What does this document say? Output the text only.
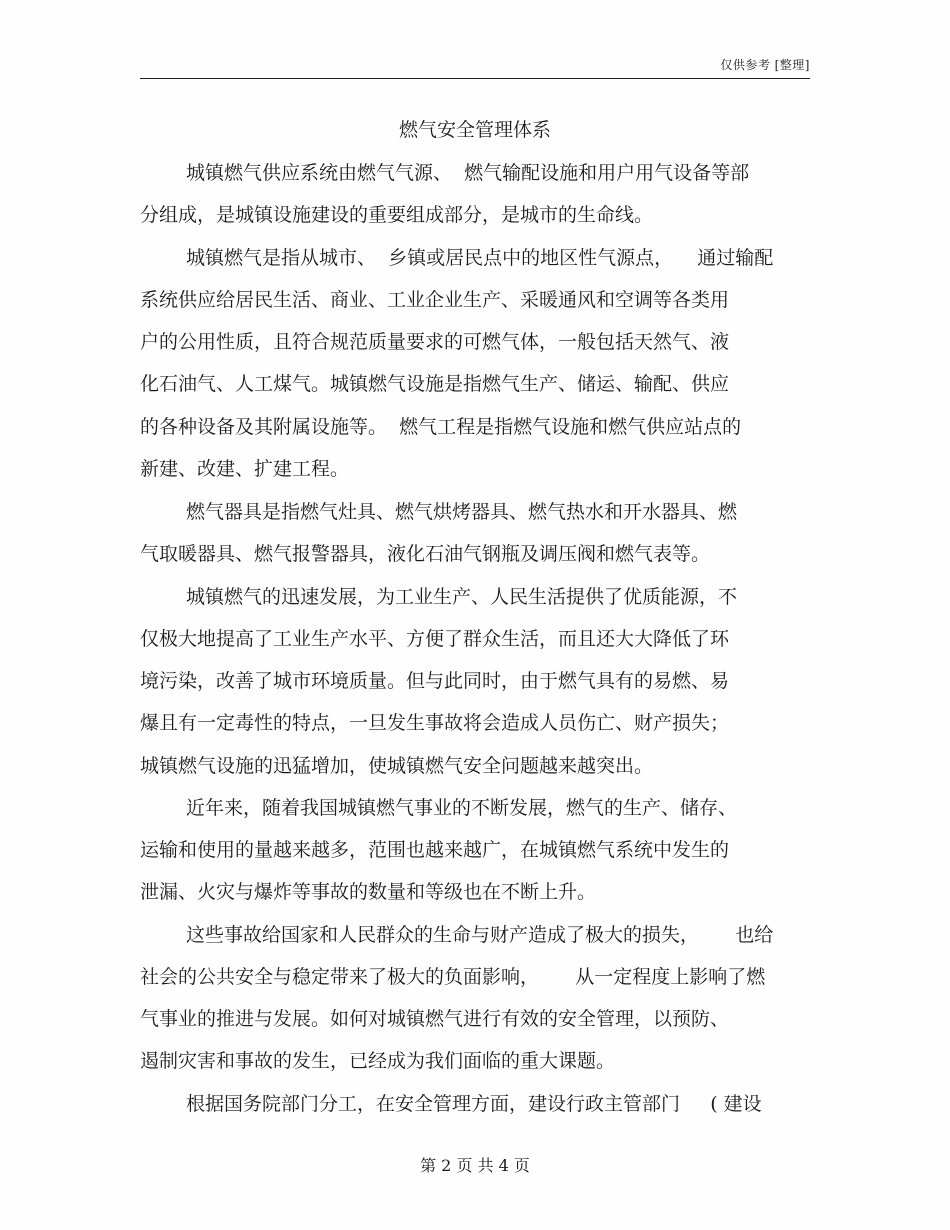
仅供参考 [整理]
燃气安全管理体系
城镇燃气供应系统由燃气气源、  燃气输配设施和用户用气设备等部
分组成，是城镇设施建设的重要组成部分，是城市的生命线。
城镇燃气是指从城市、  乡镇或居民点中的地区性气源点，    通过输配
系统供应给居民生活、商业、工业企业生产、采暖通风和空调等各类用
户的公用性质，且符合规范质量要求的可燃气体，一般包括天然气、液
化石油气、人工煤气。城镇燃气设施是指燃气生产、储运、输配、供应
的各种设备及其附属设施等。  燃气工程是指燃气设施和燃气供应站点的
新建、改建、扩建工程。
燃气器具是指燃气灶具、燃气烘烤器具、燃气热水和开水器具、燃
气取暖器具、燃气报警器具，液化石油气钢瓶及调压阀和燃气表等。
城镇燃气的迅速发展，为工业生产、人民生活提供了优质能源，不
仅极大地提高了工业生产水平、方便了群众生活，而且还大大降低了环
境污染，改善了城市环境质量。但与此同时，由于燃气具有的易燃、易
爆且有一定毒性的特点，一旦发生事故将会造成人员伤亡、财产损失；
城镇燃气设施的迅猛增加，使城镇燃气安全问题越来越突出。
近年来，随着我国城镇燃气事业的不断发展，燃气的生产、储存、
运输和使用的量越来越多，范围也越来越广，在城镇燃气系统中发生的
泄漏、火灾与爆炸等事故的数量和等级也在不断上升。
这些事故给国家和人民群众的生命与财产造成了极大的损失，      也给
社会的公共安全与稳定带来了极大的负面影响，      从一定程度上影响了燃
气事业的推进与发展。如何对城镇燃气进行有效的安全管理，以预防、
遏制灾害和事故的发生，已经成为我们面临的重大课题。
根据国务院部门分工，在安全管理方面，建设行政主管部门     ( 建设
第 2 页 共 4 页
